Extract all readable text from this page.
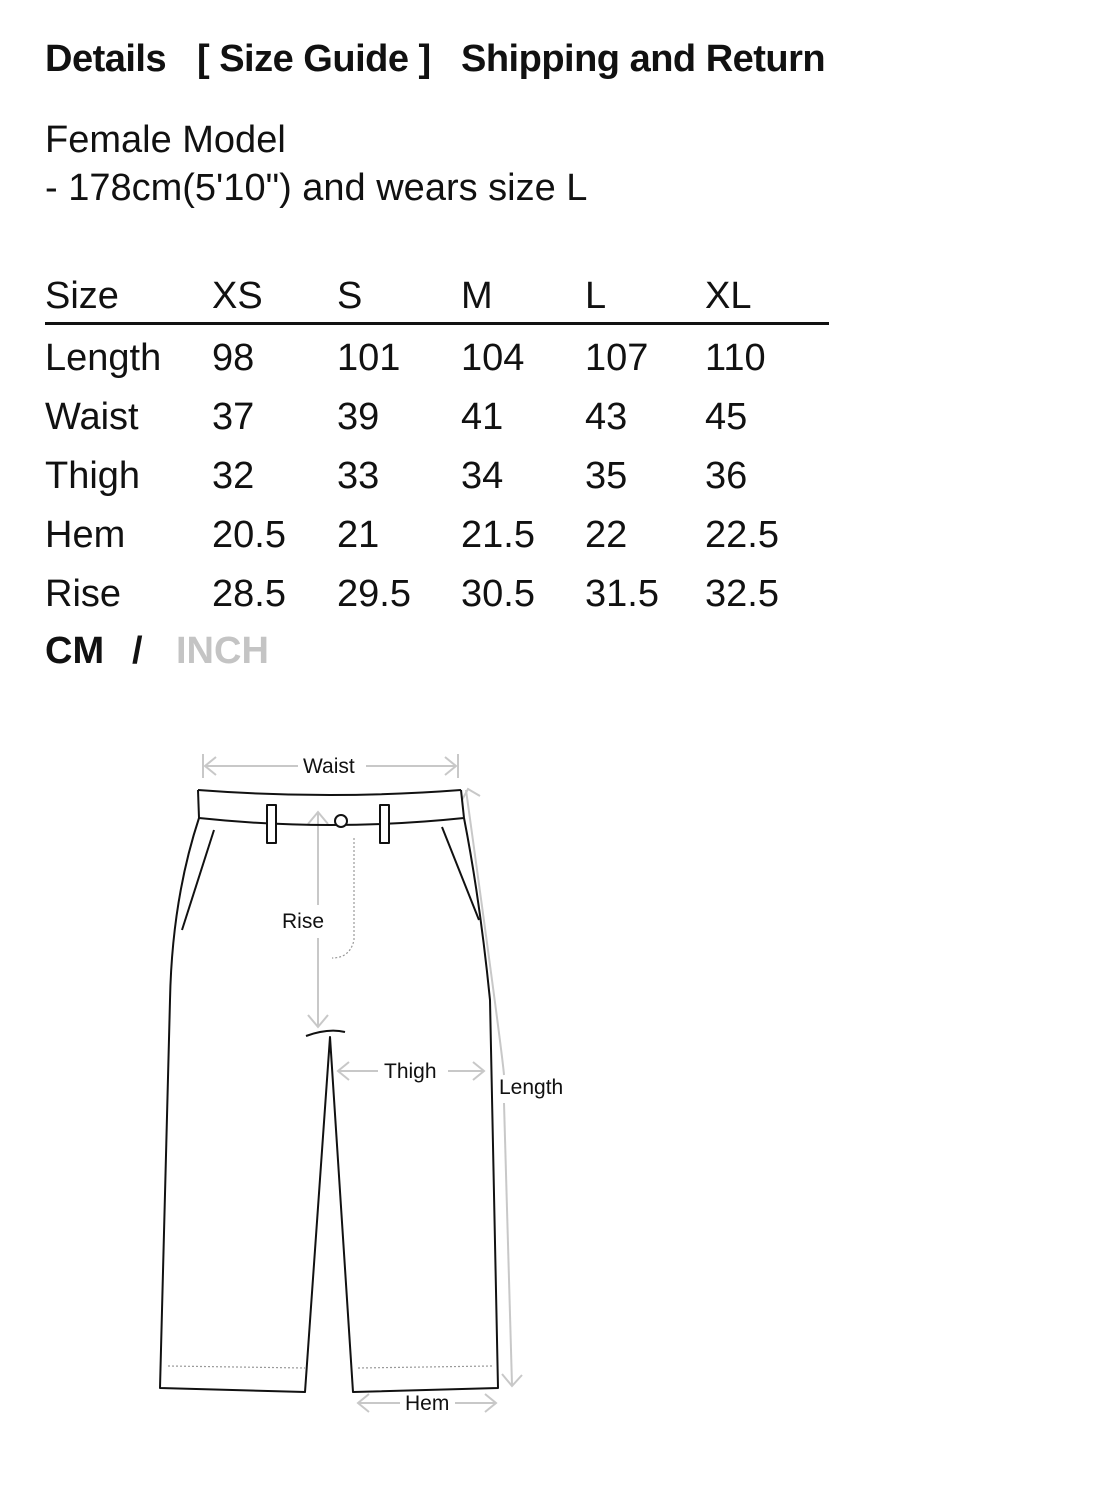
Details [ Size Guide ] Shipping and Return
Female Model
- 178cm(5'10") and wears size L
Size	XS	S	M	L	XL
Length	98	101	104	107	110
Waist	37	39	41	43	45
Thigh	32	33	34	35	36
Hem	20.5	21	21.5	22	22.5
Rise	28.5	29.5	30.5	31.5	32.5
CM / INCH
Waist
Rise
Thigh
Length
Hem
